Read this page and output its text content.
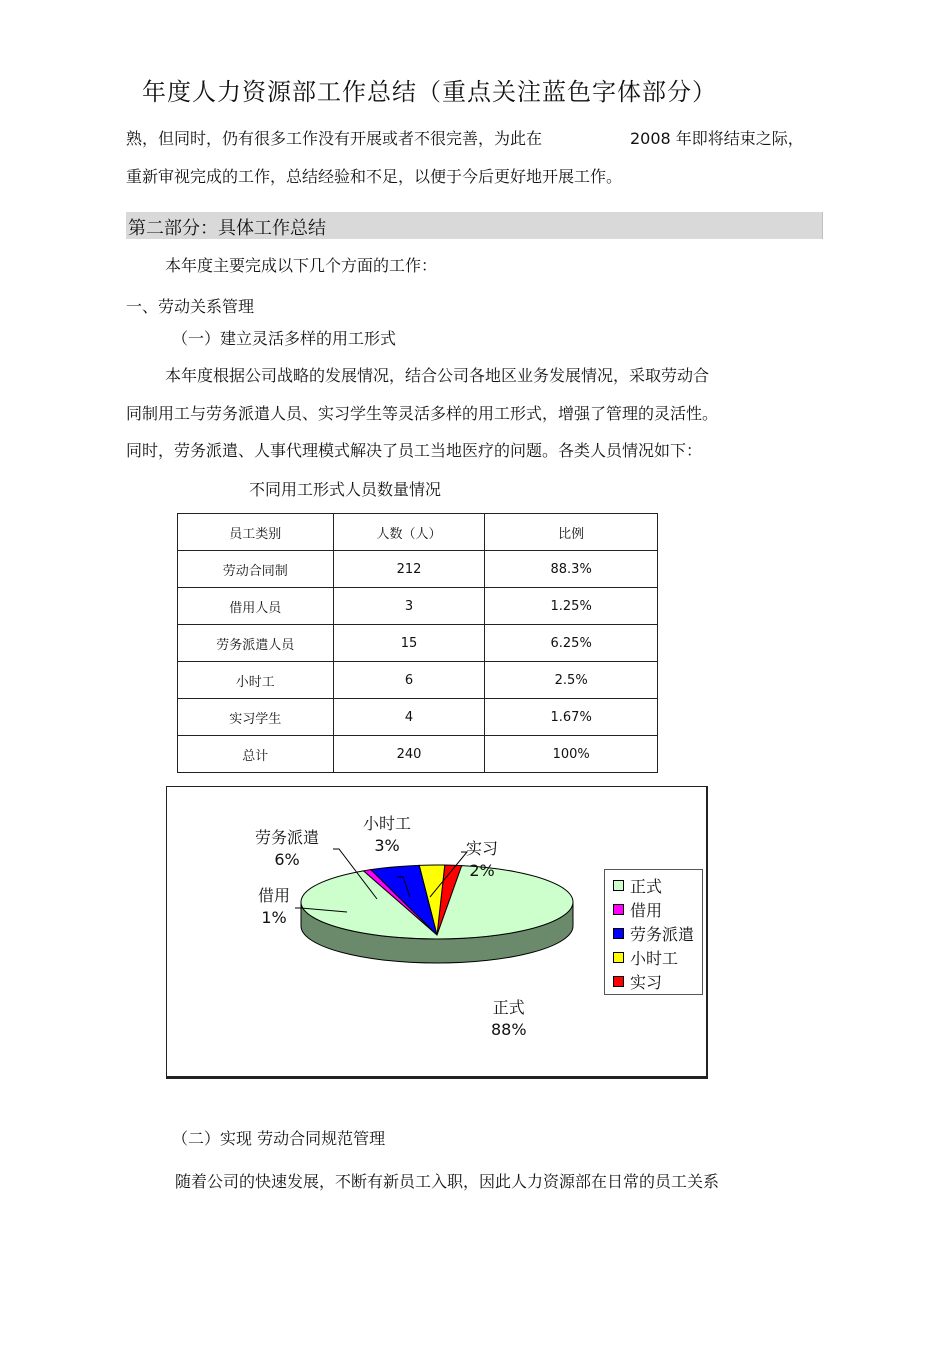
年度人力资源部工作总结（重点关注蓝色字体部分）
熟，但同时，仍有很多工作没有开展或者不很完善，为此在	2008 年即将结束之际，
重新审视完成的工作，总结经验和不足，以便于今后更好地开展工作。
第二部分：具体工作总结
本年度主要完成以下几个方面的工作：
一、劳动关系管理
（一）建立灵活多样的用工形式
本年度根据公司战略的发展情况，结合公司各地区业务发展情况，采取劳动合
同制用工与劳务派遣人员、实习学生等灵活多样的用工形式，增强了管理的灵活性。
同时，劳务派遣、人事代理模式解决了员工当地医疗的问题。各类人员情况如下：
不同用工形式人员数量情况
员工类别	人数（人）	比例
劳动合同制	212	88.3%
借用人员	3	1.25%
劳务派遣人员	15	6.25%
小时工	6	2.5%
实习学生	4	1.67%
总计	240	100%
劳务派遣
6%
小时工
3%	实习
2%
借用
1%
正式
88%
正式
借用
劳务派遣
小时工
实习
（二）实现 劳动合同规范管理
随着公司的快速发展，不断有新员工入职，因此人力资源部在日常的员工关系
